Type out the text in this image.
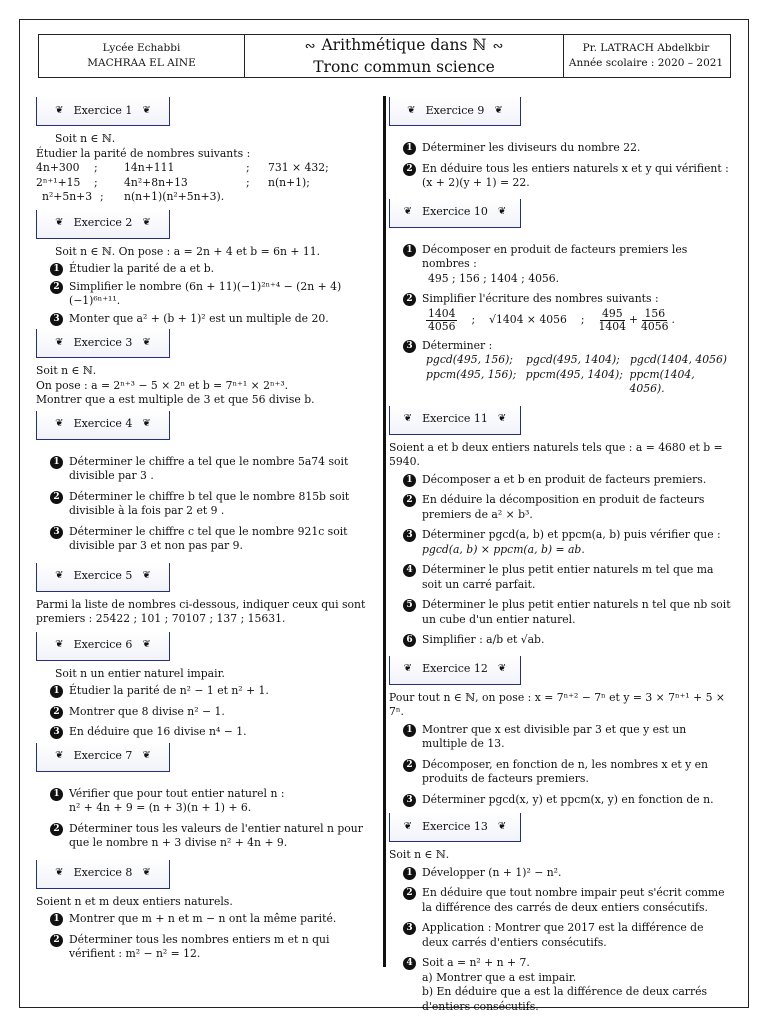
Lycée Echabbi
MACHRAA EL AINE
∾ Arithmétique dans ℕ ∾
Tronc commun science
Pr. LATRACH Abdelkbir
Année scolaire : 2020 – 2021
❦ Exercice 1 ❦

Soit n ∈ ℕ.

Étudier la parité de nombres suivants :

4n+300	;	14n+111	;	731 × 432;
2ⁿ⁺¹+15	;	4n²+8n+13	;	n(n+1);
n²+5n+3 ;	n(n+1)(n²+5n+3).
❦ Exercice 2 ❦

Soit n ∈ ℕ. On pose : a = 2n + 4 et b = 6n + 11.

1 Étudier la parité de a et b.
2 Simplifier le nombre (6n + 11)(−1)²ⁿ⁺⁴ − (2n + 4)(−1)⁶ⁿ⁺¹¹.
3 Monter que a² + (b + 1)² est un multiple de 20.
❦ Exercice 3 ❦

Soit n ∈ ℕ.

On pose : a = 2ⁿ⁺³ − 5 × 2ⁿ et b = 7ⁿ⁺¹ × 2ⁿ⁺³.

Montrer que a est multiple de 3 et que 56 divise b.

❦ Exercice 4 ❦
1 Déterminer le chiffre a tel que le nombre 5a74 soit divisible par 3 .
2 Déterminer le chiffre b tel que le nombre 815b soit divisible à la fois par 2 et 9 .
3 Déterminer le chiffre c tel que le nombre 921c soit divisible par 3 et non pas par 9.
❦ Exercice 5 ❦

Parmi la liste de nombres ci-dessous, indiquer ceux qui sont premiers : 25422 ; 101 ; 70107 ; 137 ; 15631.

❦ Exercice 6 ❦

Soit n un entier naturel impair.

1 Étudier la parité de n² − 1 et n² + 1.
2 Montrer que 8 divise n² − 1.
3 En déduire que 16 divise n⁴ − 1.
❦ Exercice 7 ❦
1 Vérifier que pour tout entier naturel n :
n² + 4n + 9 = (n + 3)(n + 1) + 6.
2 Déterminer tous les valeurs de l'entier naturel n pour que le nombre n + 3 divise n² + 4n + 9.
❦ Exercice 8 ❦

Soient n et m deux entiers naturels.

1 Montrer que m + n et m − n ont la même parité.
2 Déterminer tous les nombres entiers m et n qui vérifient : m² − n² = 12.
❦ Exercice 9 ❦
1 Déterminer les diviseurs du nombre 22.
2 En déduire tous les entiers naturels x et y qui vérifient : (x + 2)(y + 1) = 22.
❦ Exercice 10 ❦
1 Décomposer en produit de facteurs premiers les nombres :
495 ; 156 ; 1404 ; 4056.
2 Simplifier l'écriture des nombres suivants :

$\frac{1404}{4056}$ ; √1404 × 4056 ; $\frac{495}{1404} + \frac{156}{4056}$ .
3 Déterminer :
pgcd(495, 156);	pgcd(495, 1404); pgcd(1404, 4056)
ppcm(495, 156); ppcm(495, 1404); ppcm(1404, 4056).
❦ Exercice 11 ❦

Soient a et b deux entiers naturels tels que : a = 4680 et b = 5940.

1 Décomposer a et b en produit de facteurs premiers.
2 En déduire la décomposition en produit de facteurs premiers de a² × b³.
3 Déterminer pgcd(a, b) et ppcm(a, b) puis vérifier que :
pgcd(a, b) × ppcm(a, b) = ab.
4 Déterminer le plus petit entier naturels m tel que ma soit un carré parfait.
5 Déterminer le plus petit entier naturels n tel que nb soit un cube d'un entier naturel.
6 Simplifier : a/b et √ab.
❦ Exercice 12 ❦

Pour tout n ∈ ℕ, on pose : x = 7ⁿ⁺² − 7ⁿ et y = 3 × 7ⁿ⁺¹ + 5 × 7ⁿ.

1 Montrer que x est divisible par 3 et que y est un multiple de 13.
2 Décomposer, en fonction de n, les nombres x et y en produits de facteurs premiers.
3 Déterminer pgcd(x, y) et ppcm(x, y) en fonction de n.
❦ Exercice 13 ❦

Soit n ∈ ℕ.

1 Développer (n + 1)² − n².
2 En déduire que tout nombre impair peut s'écrit comme la différence des carrés de deux entiers consécutifs.
3 Application : Montrer que 2017 est la différence de deux carrés d'entiers consécutifs.
4 Soit a = n² + n + 7.
a) Montrer que a est impair.
b) En déduire que a est la différence de deux carrés d'entiers consécutifs.
